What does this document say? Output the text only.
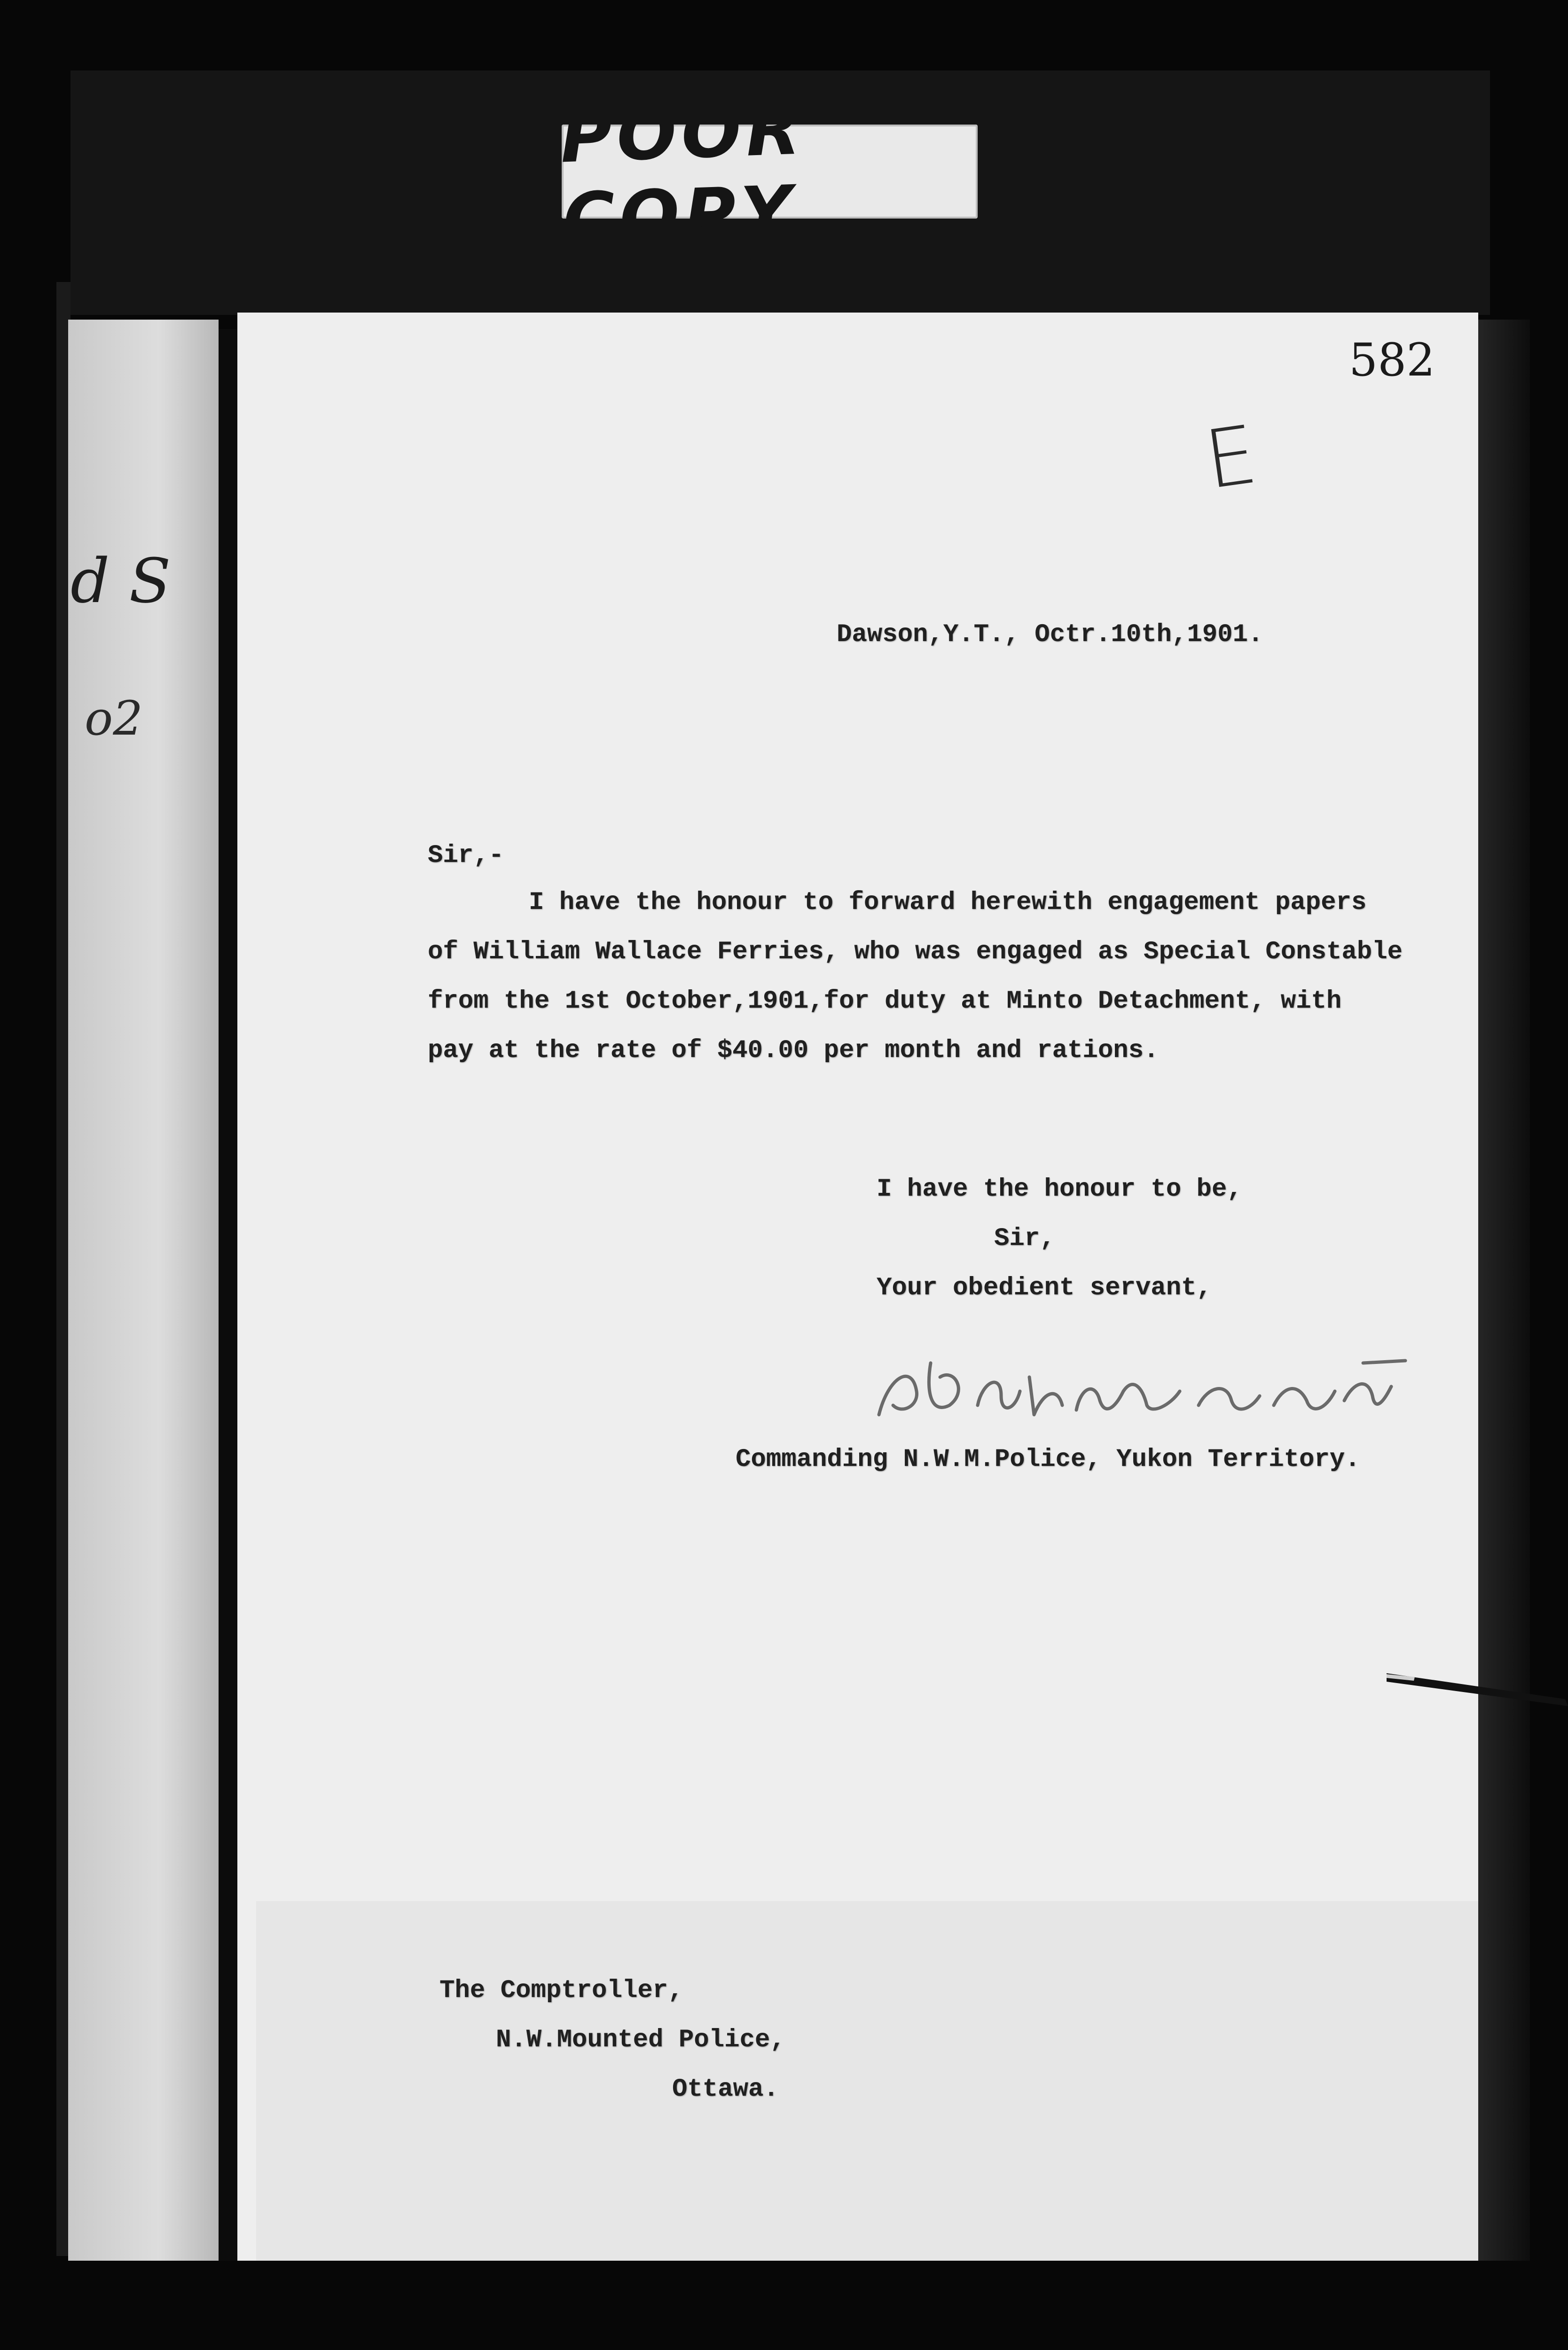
POOR COPY.
d S
o2
582
E
Dawson,Y.T., Octr.10th,1901.
Sir,-
I have the honour to forward herewith engagement papers
of William Wallace Ferries, who was engaged as Special Constable
from the 1st October,1901,for duty at Minto Detachment, with
pay at the rate of $40.00 per month and rations.
I have the honour to be,
Sir,
Your obedient servant,
Commanding N.W.M.Police, Yukon Territory.
The Comptroller,
N.W.Mounted Police,
Ottawa.
